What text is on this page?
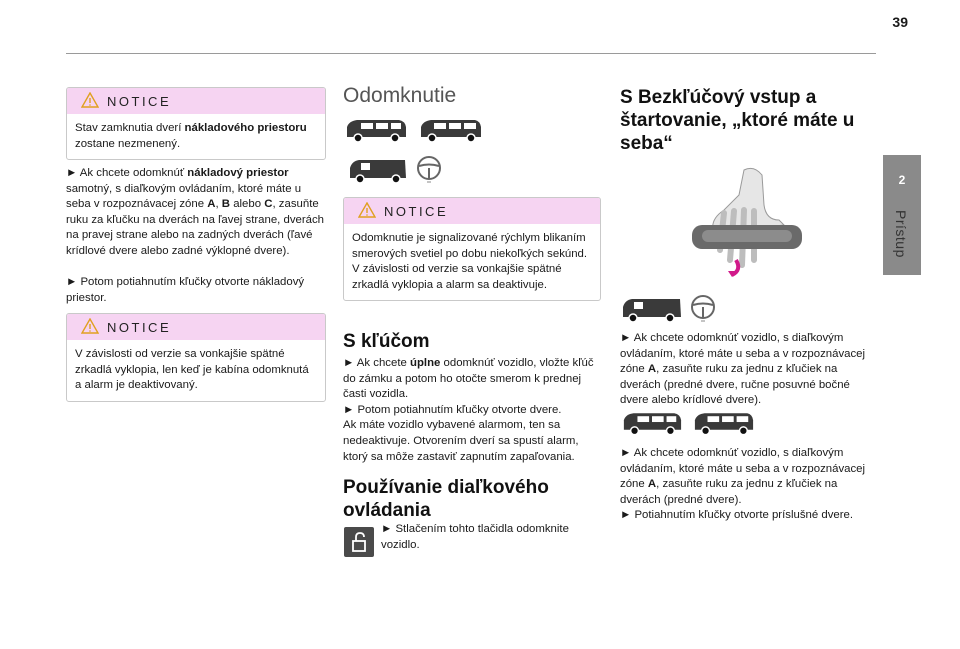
39
2
Prístup
NOTICE
Stav zamknutia dverí nákladového priestoru zostane nezmenený.

► Ak chcete odomknúť nákladový priestor samotný, s diaľkovým ovládaním, ktoré máte u seba v rozpoznávacej zóne A, B alebo C, zasuňte ruku za kľučku na dverách na ľavej strane, dverách na pravej strane alebo na zadných dverách (ľavé krídlové dvere alebo zadné výklopné dvere).

► Potom potiahnutím kľučky otvorte nákladový priestor.

NOTICE
V závislosti od verzie sa vonkajšie spätné zrkadlá vyklopia, len keď je kabína odomknutá a alarm je deaktivovaný.
Odomknutie
NOTICE
Odomknutie je signalizované rýchlym blikaním smerových svetiel po dobu niekoľkých sekúnd.
V závislosti od verzie sa vonkajšie spätné zrkadlá vyklopia a alarm sa deaktivuje.
S kľúčom

► Ak chcete úplne odomknúť vozidlo, vložte kľúč do zámku a potom ho otočte smerom k prednej časti vozidla.
► Potom potiahnutím kľučky otvorte dvere.
Ak máte vozidlo vybavené alarmom, ten sa nedeaktivuje. Otvorením dverí sa spustí alarm, ktorý sa môže zastaviť zapnutím zapaľovania.

Používanie diaľkového
ovládania

► Stlačením tohto tlačidla odomknite vozidlo.

S Bezkľúčový vstup a
štartovanie, „ktoré máte u
seba“

► Ak chcete odomknúť vozidlo, s diaľkovým ovládaním, ktoré máte u seba a v rozpoznávacej zóne A, zasuňte ruku za jednu z kľučiek na dverách (predné dvere, ručne posuvné bočné dvere alebo krídlové dvere).

► Ak chcete odomknúť vozidlo, s diaľkovým ovládaním, ktoré máte u seba a v rozpoznávacej zóne A, zasuňte ruku za jednu z kľučiek na dverách (predné dvere).
► Potiahnutím kľučky otvorte príslušné dvere.
